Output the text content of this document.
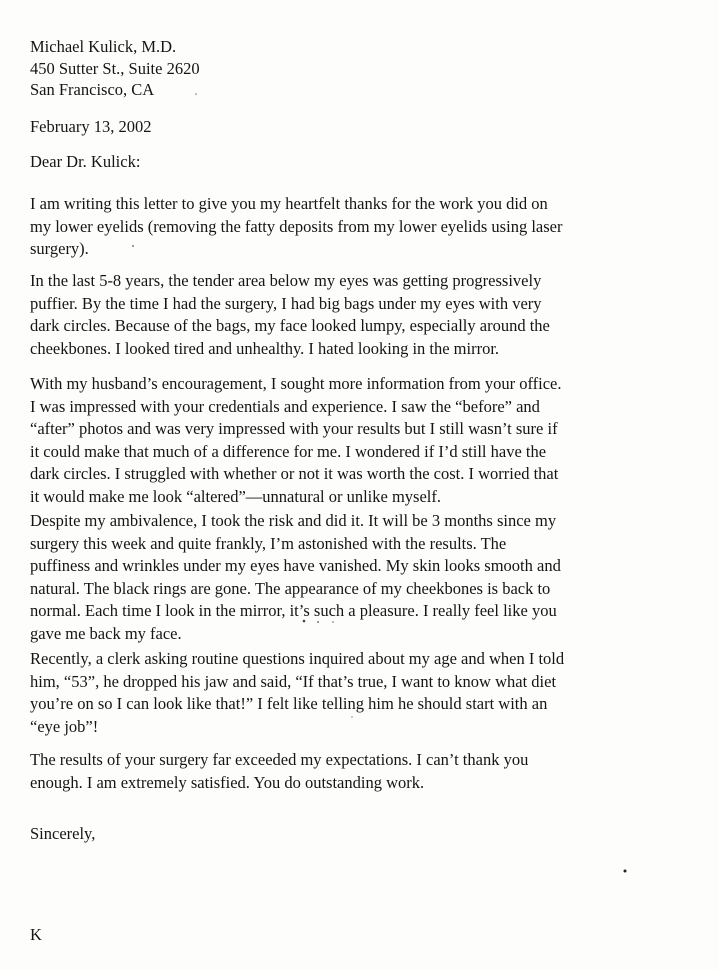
Michael Kulick, M.D.
450 Sutter St., Suite 2620
San Francisco, CA

February 13, 2002

Dear Dr. Kulick:

I am writing this letter to give you my heartfelt thanks for the work you did on
my lower eyelids (removing the fatty deposits from my lower eyelids using laser
surgery).
In the last 5-8 years, the tender area below my eyes was getting progressively
puffier. By the time I had the surgery, I had big bags under my eyes with very
dark circles. Because of the bags, my face looked lumpy, especially around the
cheekbones. I looked tired and unhealthy. I hated looking in the mirror.
With my husband’s encouragement, I sought more information from your office.
I was impressed with your credentials and experience. I saw the “before” and
“after” photos and was very impressed with your results but I still wasn’t sure if
it could make that much of a difference for me. I wondered if I’d still have the
dark circles. I struggled with whether or not it was worth the cost. I worried that
it would make me look “altered”—unnatural or unlike myself.
Despite my ambivalence, I took the risk and did it. It will be 3 months since my
surgery this week and quite frankly, I’m astonished with the results. The
puffiness and wrinkles under my eyes have vanished. My skin looks smooth and
natural. The black rings are gone. The appearance of my cheekbones is back to
normal. Each time I look in the mirror, it’s such a pleasure. I really feel like you
gave me back my face.
Recently, a clerk asking routine questions inquired about my age and when I told
him, “53”, he dropped his jaw and said, “If that’s true, I want to know what diet
you’re on so I can look like that!” I felt like telling him he should start with an
“eye job”!
The results of your surgery far exceeded my expectations. I can’t thank you
enough. I am extremely satisfied. You do outstanding work.

Sincerely,

K
